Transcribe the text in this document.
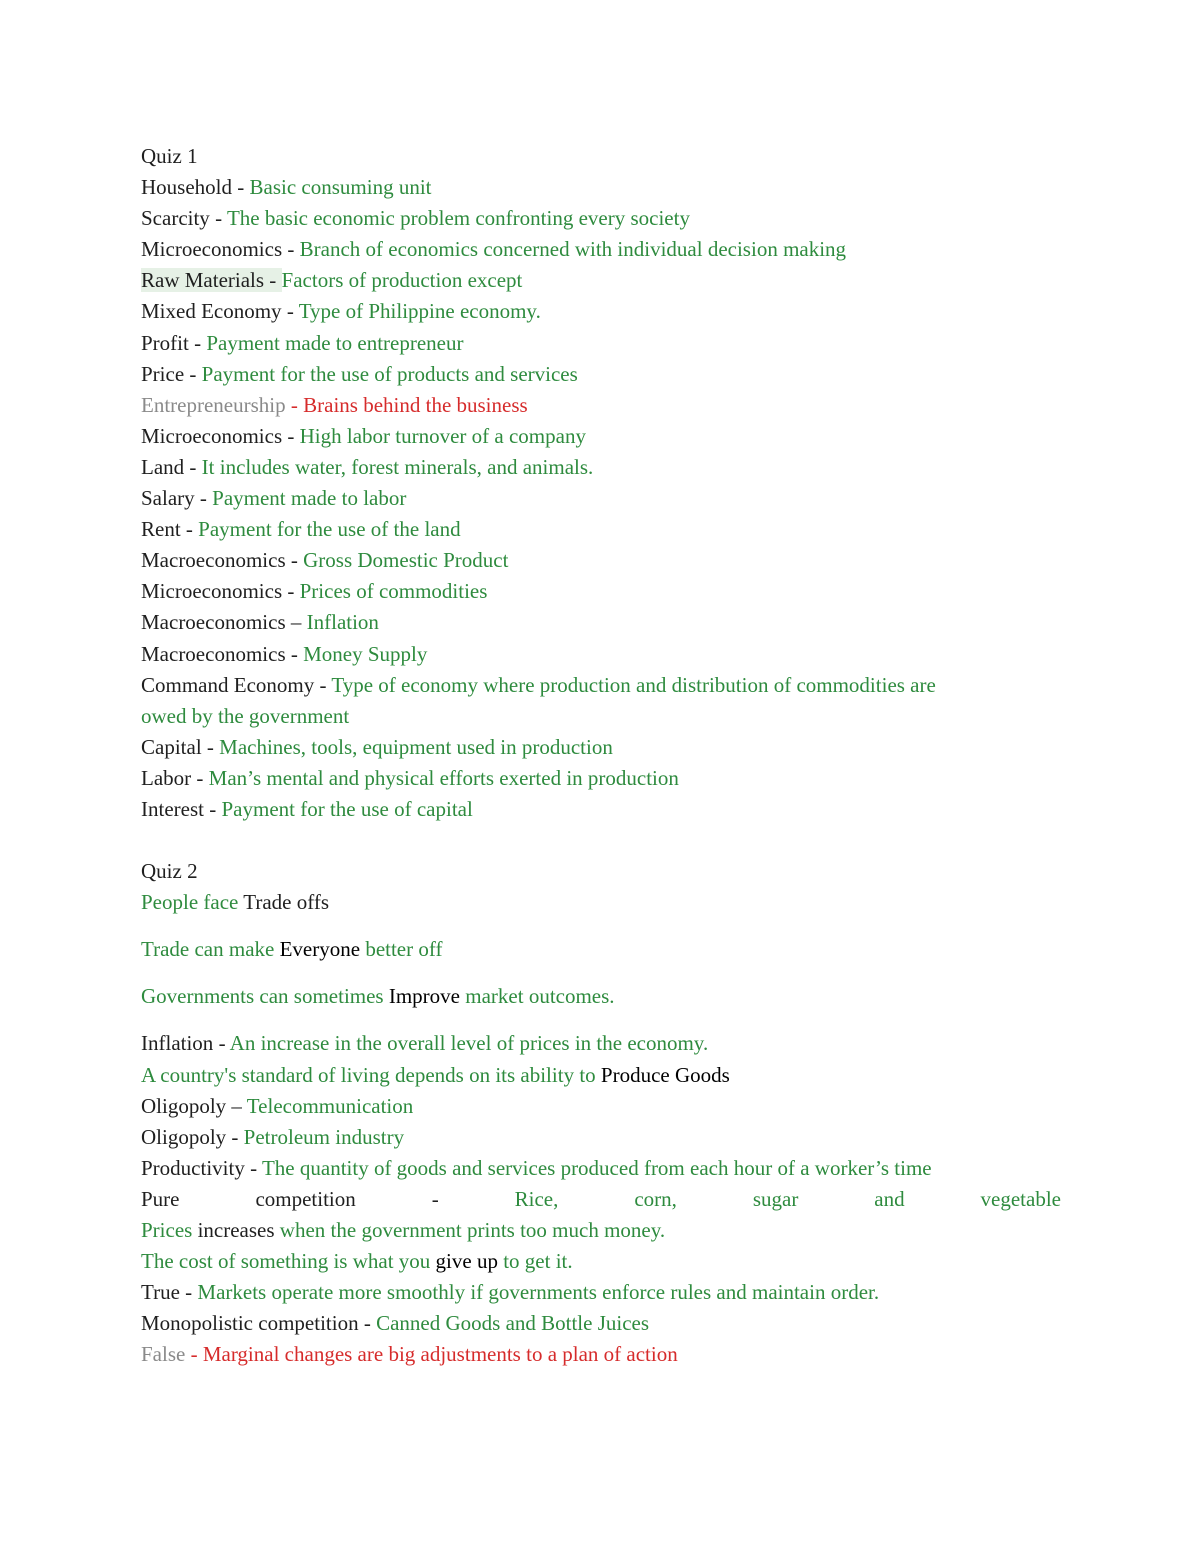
Quiz 1
Household - Basic consuming unit
Scarcity - The basic economic problem confronting every society
Microeconomics - Branch of economics concerned with individual decision making
Raw Materials - Factors of production except
Mixed Economy - Type of Philippine economy.
Profit - Payment made to entrepreneur
Price - Payment for the use of products and services
Entrepreneurship - Brains behind the business
Microeconomics - High labor turnover of a company
Land - It includes water, forest minerals, and animals.
Salary - Payment made to labor
Rent - Payment for the use of the land
Macroeconomics - Gross Domestic Product
Microeconomics - Prices of commodities
Macroeconomics – Inflation
Macroeconomics - Money Supply
Command Economy - Type of economy where production and distribution of commodities are
owed by the government
Capital - Machines, tools, equipment used in production
Labor - Man’s mental and physical efforts exerted in production
Interest - Payment for the use of capital
Quiz 2
People face Trade offs
Trade can make Everyone better off
Governments can sometimes Improve market outcomes.
Inflation - An increase in the overall level of prices in the economy.
A country's standard of living depends on its ability to Produce Goods
Oligopoly – Telecommunication
Oligopoly - Petroleum industry
Productivity - The quantity of goods and services produced from each hour of a worker’s time
Pure	competition	-	Rice,	corn,	sugar	and	vegetable
Prices increases when the government prints too much money.
The cost of something is what you give up to get it.
True - Markets operate more smoothly if governments enforce rules and maintain order.
Monopolistic competition - Canned Goods and Bottle Juices
False - Marginal changes are big adjustments to a plan of action
